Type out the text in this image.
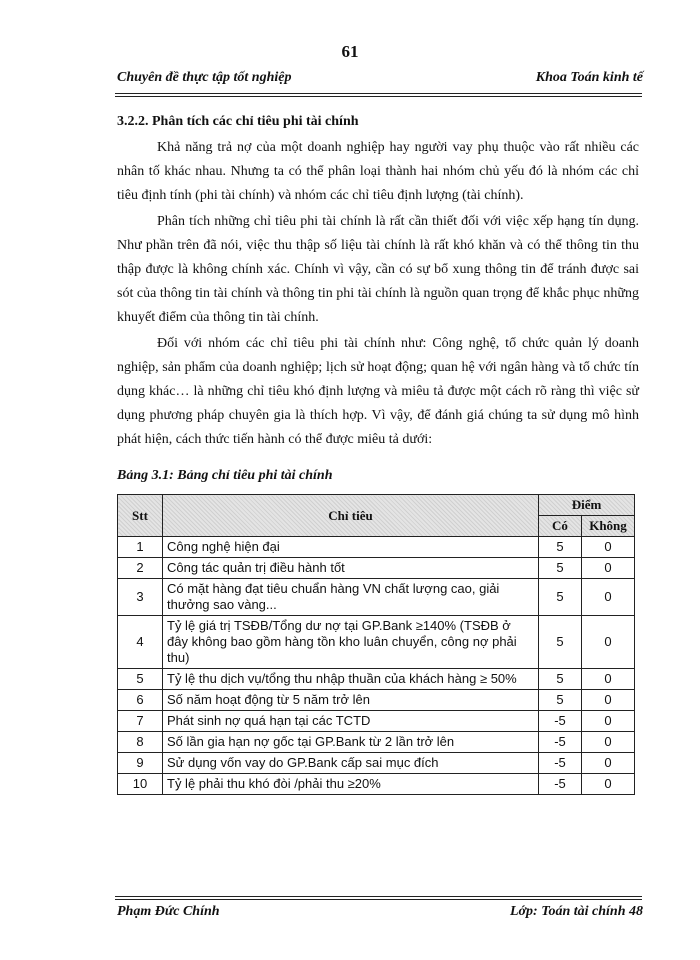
61
Chuyên đề thực tập tốt nghiệp	Khoa Toán kinh tế
3.2.2. Phân tích các chỉ tiêu phi tài chính

Khả năng trả nợ của một doanh nghiệp hay người vay phụ thuộc vào rất nhiều các nhân tố khác nhau. Nhưng ta có thể phân loại thành hai nhóm chủ yếu đó là nhóm các chỉ tiêu định tính (phi tài chính) và nhóm các chỉ tiêu định lượng (tài chính).

Phân tích những chỉ tiêu phi tài chính là rất cần thiết đối với việc xếp hạng tín dụng. Như phần trên đã nói, việc thu thập số liệu tài chính là rất khó khăn và có thể thông tin thu thập được là không chính xác. Chính vì vậy, cần có sự bổ xung thông tin để tránh được sai sót của thông tin tài chính và thông tin phi tài chính là nguồn quan trọng để khắc phục những khuyết điểm của thông tin tài chính.

Đối với nhóm các chỉ tiêu phi tài chính như: Công nghệ, tổ chức quản lý doanh nghiệp, sản phẩm của doanh nghiệp; lịch sử hoạt động; quan hệ với ngân hàng và tổ chức tín dụng khác… là những chỉ tiêu khó định lượng và miêu tả được một cách rõ ràng thì việc sử dụng phương pháp chuyên gia là thích hợp. Vì vậy, để đánh giá chúng ta sử dụng mô hình phát hiện, cách thức tiến hành có thể được miêu tả dưới:

Bảng 3.1: Bảng chỉ tiêu phi tài chính
Stt	Chỉ tiêu	Điểm	
		Có	Không
1	Công nghệ hiện đại	5	0
2	Công tác quản trị điều hành tốt	5	0
3	Có mặt hàng đạt tiêu chuẩn hàng VN chất lượng cao, giải thưởng sao vàng...	5	0
4	Tỷ lệ giá trị TSĐB/Tổng dư nợ tại GP.Bank ≥140% (TSĐB ở đây không bao gồm hàng tồn kho luân chuyển, công nợ phải thu)	5	0
5	Tỷ lệ thu dịch vụ/tổng thu nhập thuần của khách hàng ≥ 50%	5	0
6	Số năm hoạt động từ 5 năm trở lên	5	0
7	Phát sinh nợ quá hạn tại các TCTD	-5	0
8	Số lần gia hạn nợ gốc tại GP.Bank từ 2 lần trở lên	-5	0
9	Sử dụng vốn vay do GP.Bank cấp sai mục đích	-5	0
10	Tỷ lệ phải thu khó đòi /phải thu ≥20%	-5	0
Phạm Đức Chính	Lớp: Toán tài chính 48
